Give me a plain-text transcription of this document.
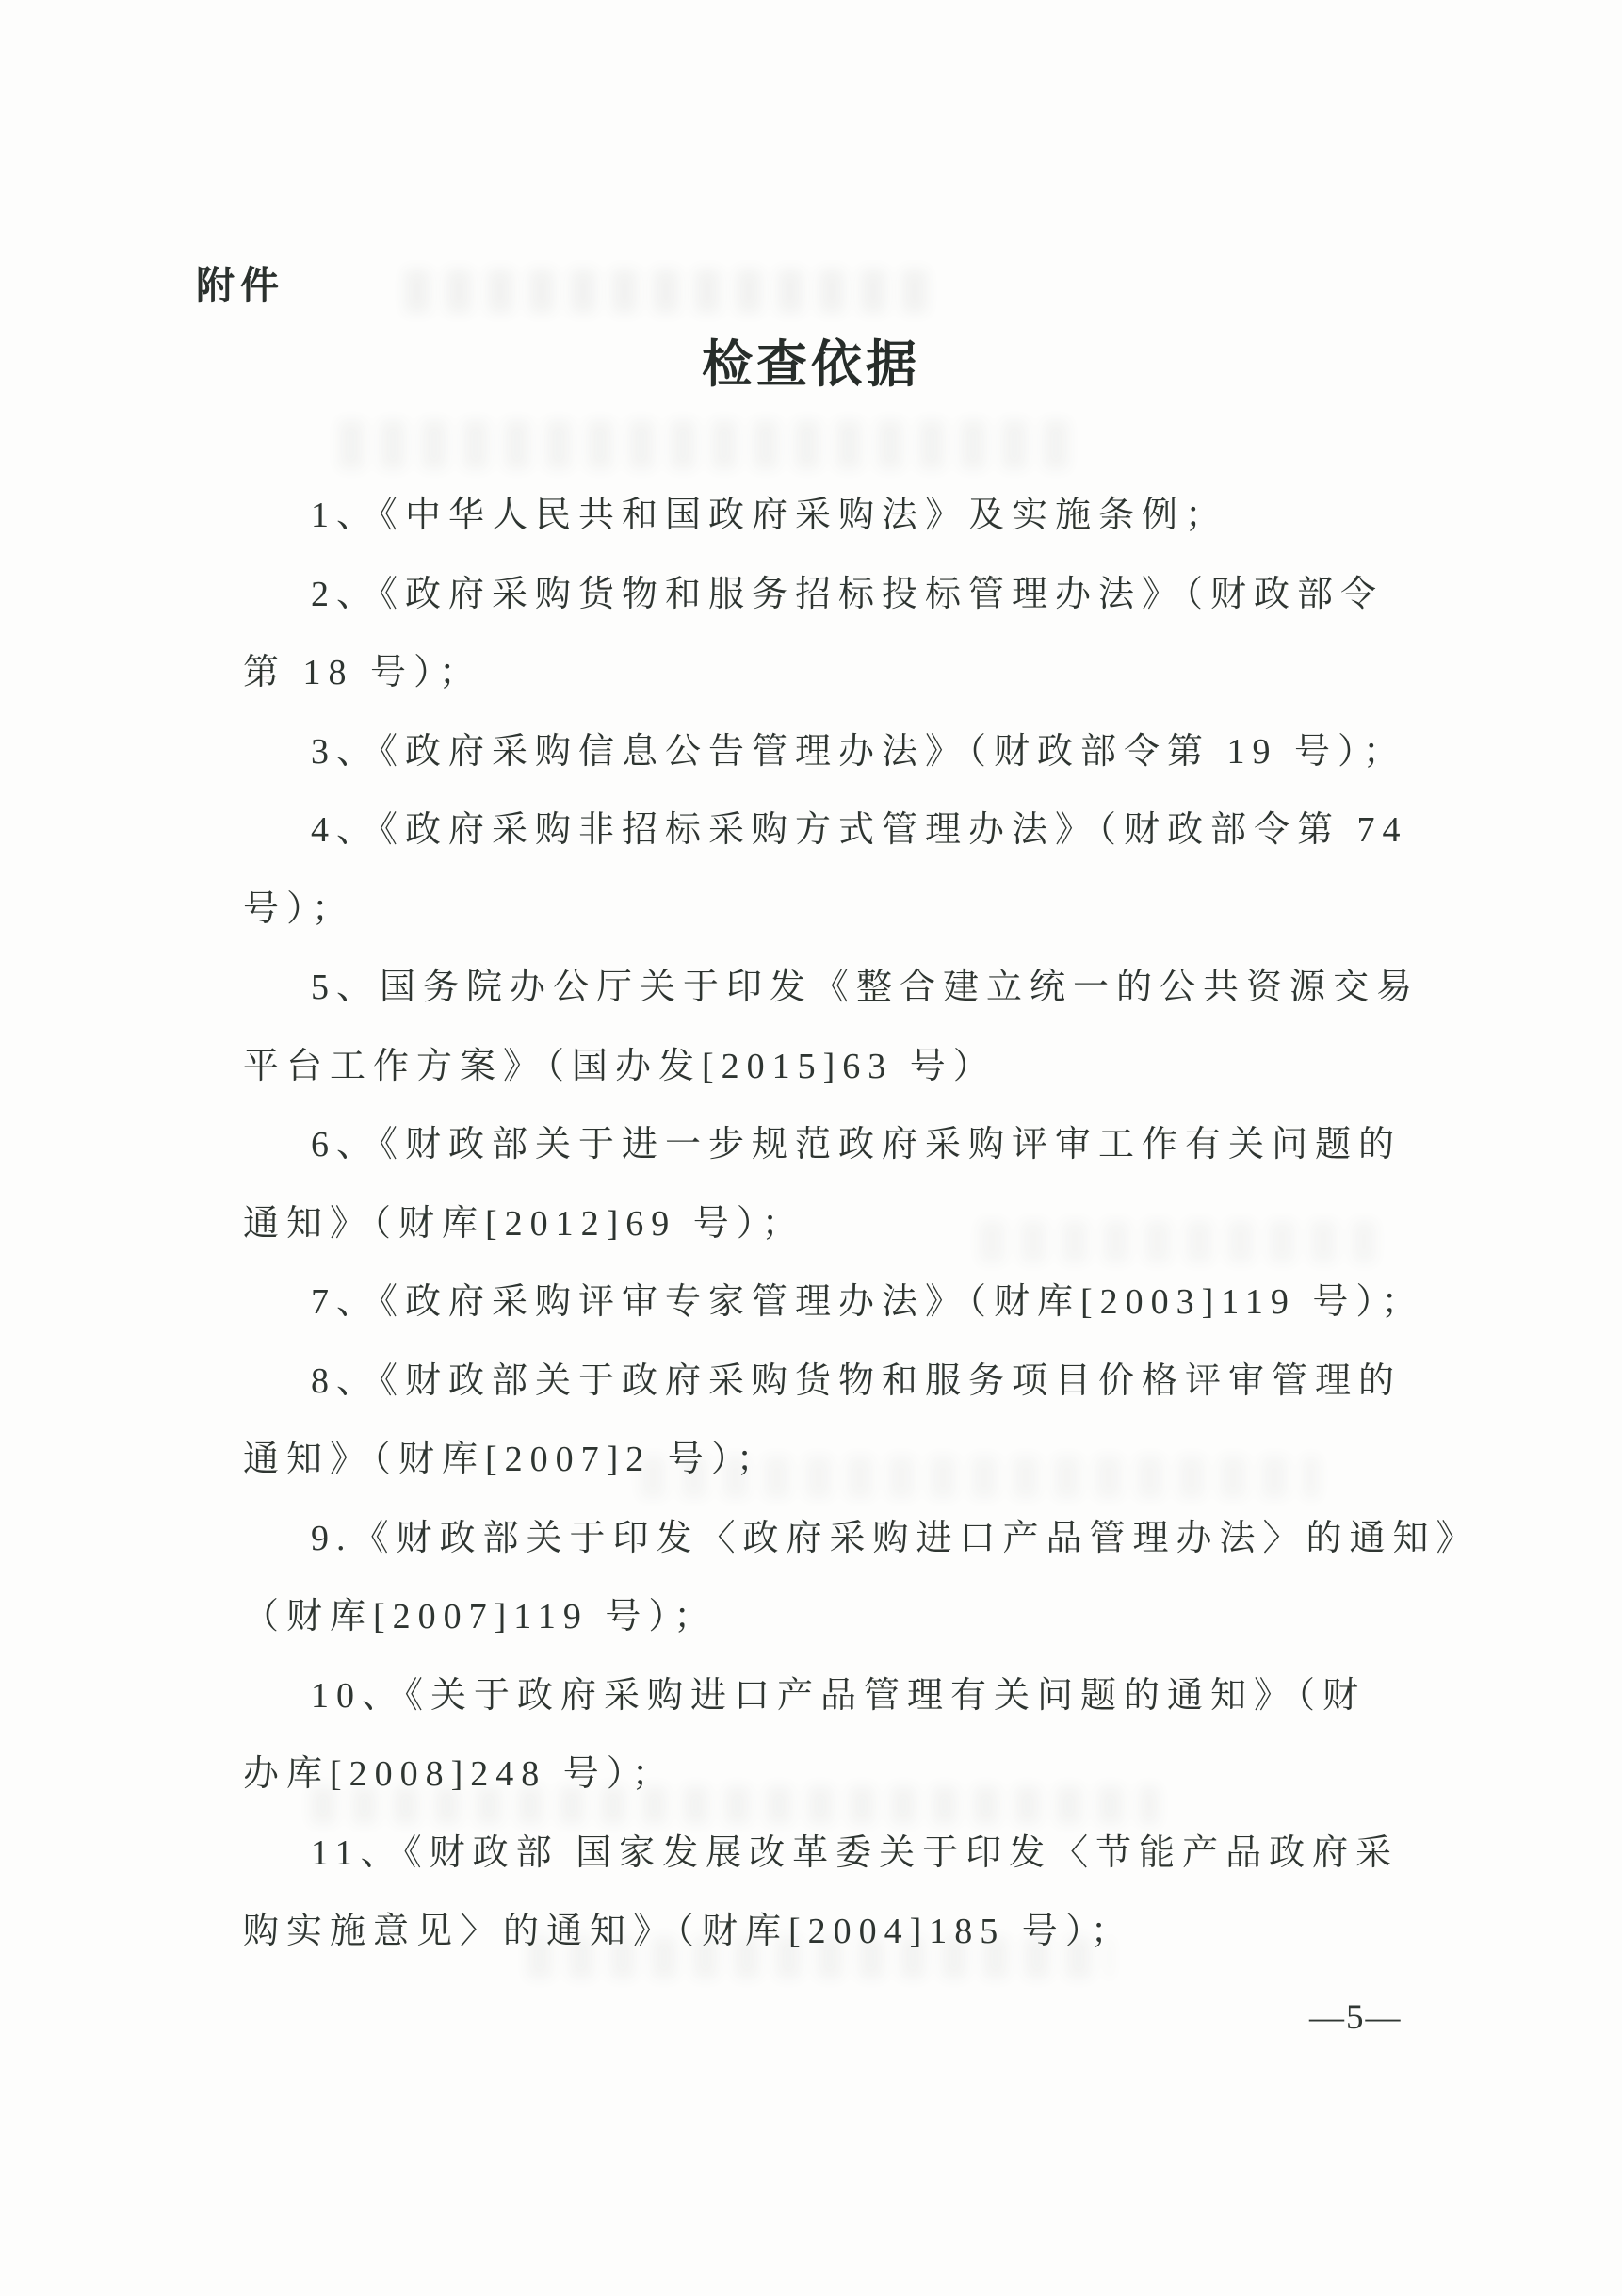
附件
检查依据
1、《中华人民共和国政府采购法》及实施条例；
2、《政府采购货物和服务招标投标管理办法》（财政部令
第 18 号）；
3、《政府采购信息公告管理办法》（财政部令第 19 号）；
4、《政府采购非招标采购方式管理办法》（财政部令第 74
号）；
5、国务院办公厅关于印发《整合建立统一的公共资源交易
平台工作方案》（国办发[2015]63 号）
6、《财政部关于进一步规范政府采购评审工作有关问题的
通知》（财库[2012]69 号）；
7、《政府采购评审专家管理办法》（财库[2003]119 号）；
8、《财政部关于政府采购货物和服务项目价格评审管理的
通知》（财库[2007]2 号）；
9.《财政部关于印发〈政府采购进口产品管理办法〉的通知》
（财库[2007]119 号）；
10、《关于政府采购进口产品管理有关问题的通知》（财
办库[2008]248 号）；
11、《财政部 国家发展改革委关于印发〈节能产品政府采
购实施意见〉的通知》（财库[2004]185 号）；
—5—
